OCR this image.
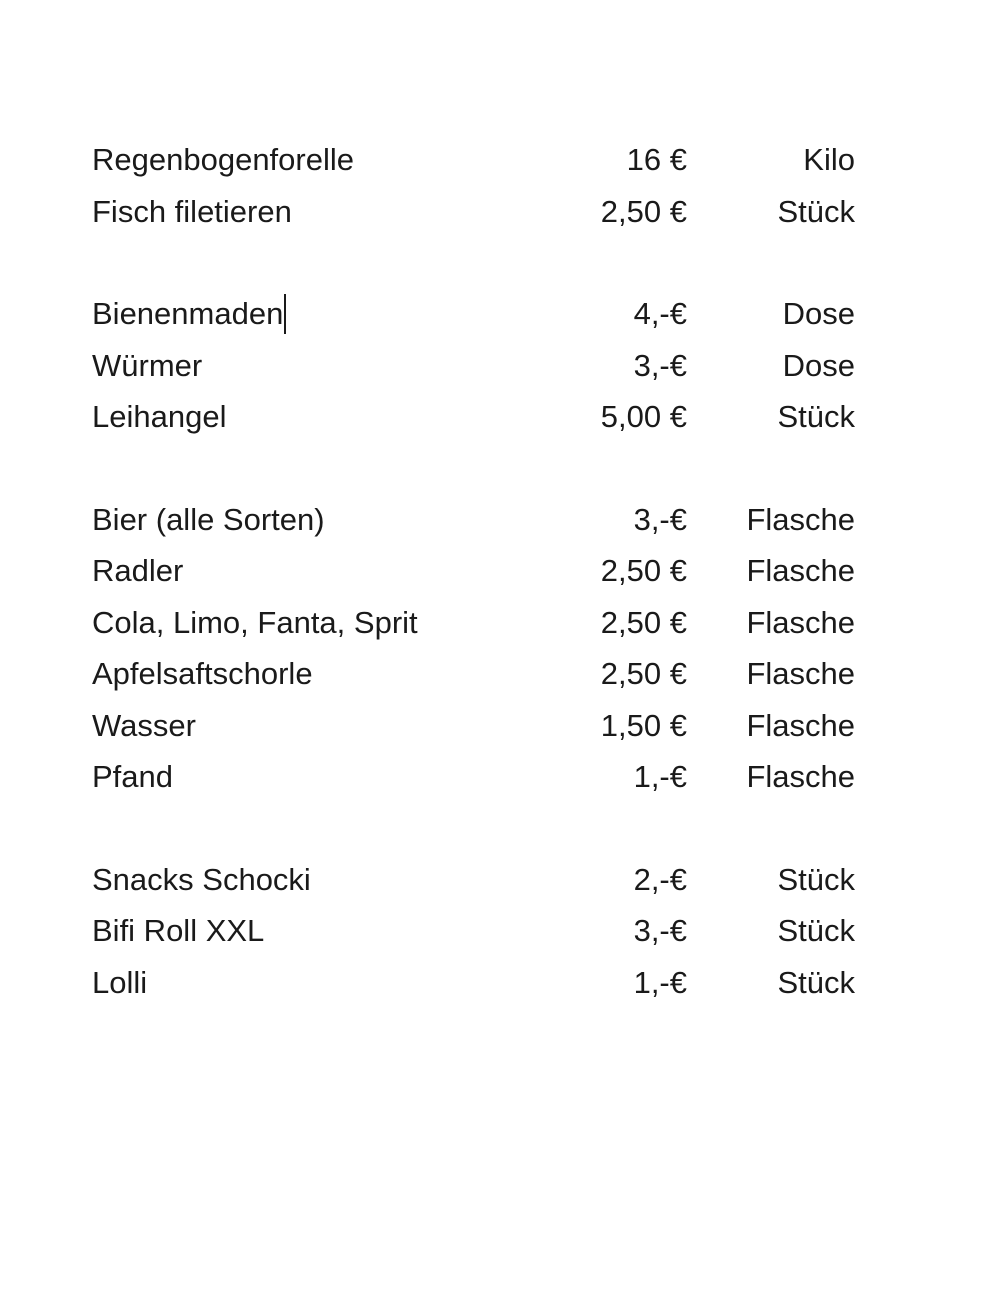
Regenbogenforelle	16 €	Kilo
Fisch filetieren	2,50 €	Stück
Bienenmaden	4,-€	Dose
Würmer	3,-€	Dose
Leihangel	5,00 €	Stück
Bier (alle Sorten)	3,-€	Flasche
Radler	2,50 €	Flasche
Cola, Limo, Fanta, Sprit	2,50 €	Flasche
Apfelsaftschorle	2,50 €	Flasche
Wasser	1,50 €	Flasche
Pfand	1,-€	Flasche
Snacks Schocki	2,-€	Stück
Bifi Roll XXL	3,-€	Stück
Lolli	1,-€	Stück
